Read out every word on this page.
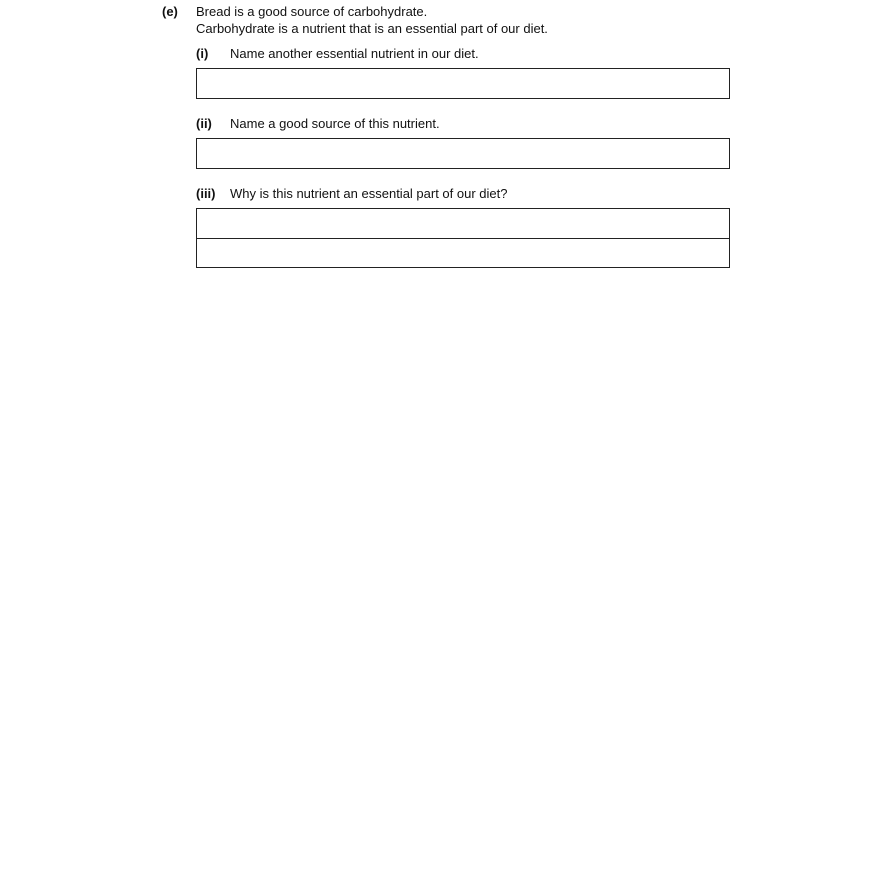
(e) Bread is a good source of carbohydrate.
Carbohydrate is a nutrient that is an essential part of our diet.
(i) Name another essential nutrient in our diet.
(ii) Name a good source of this nutrient.
(iii) Why is this nutrient an essential part of our diet?
